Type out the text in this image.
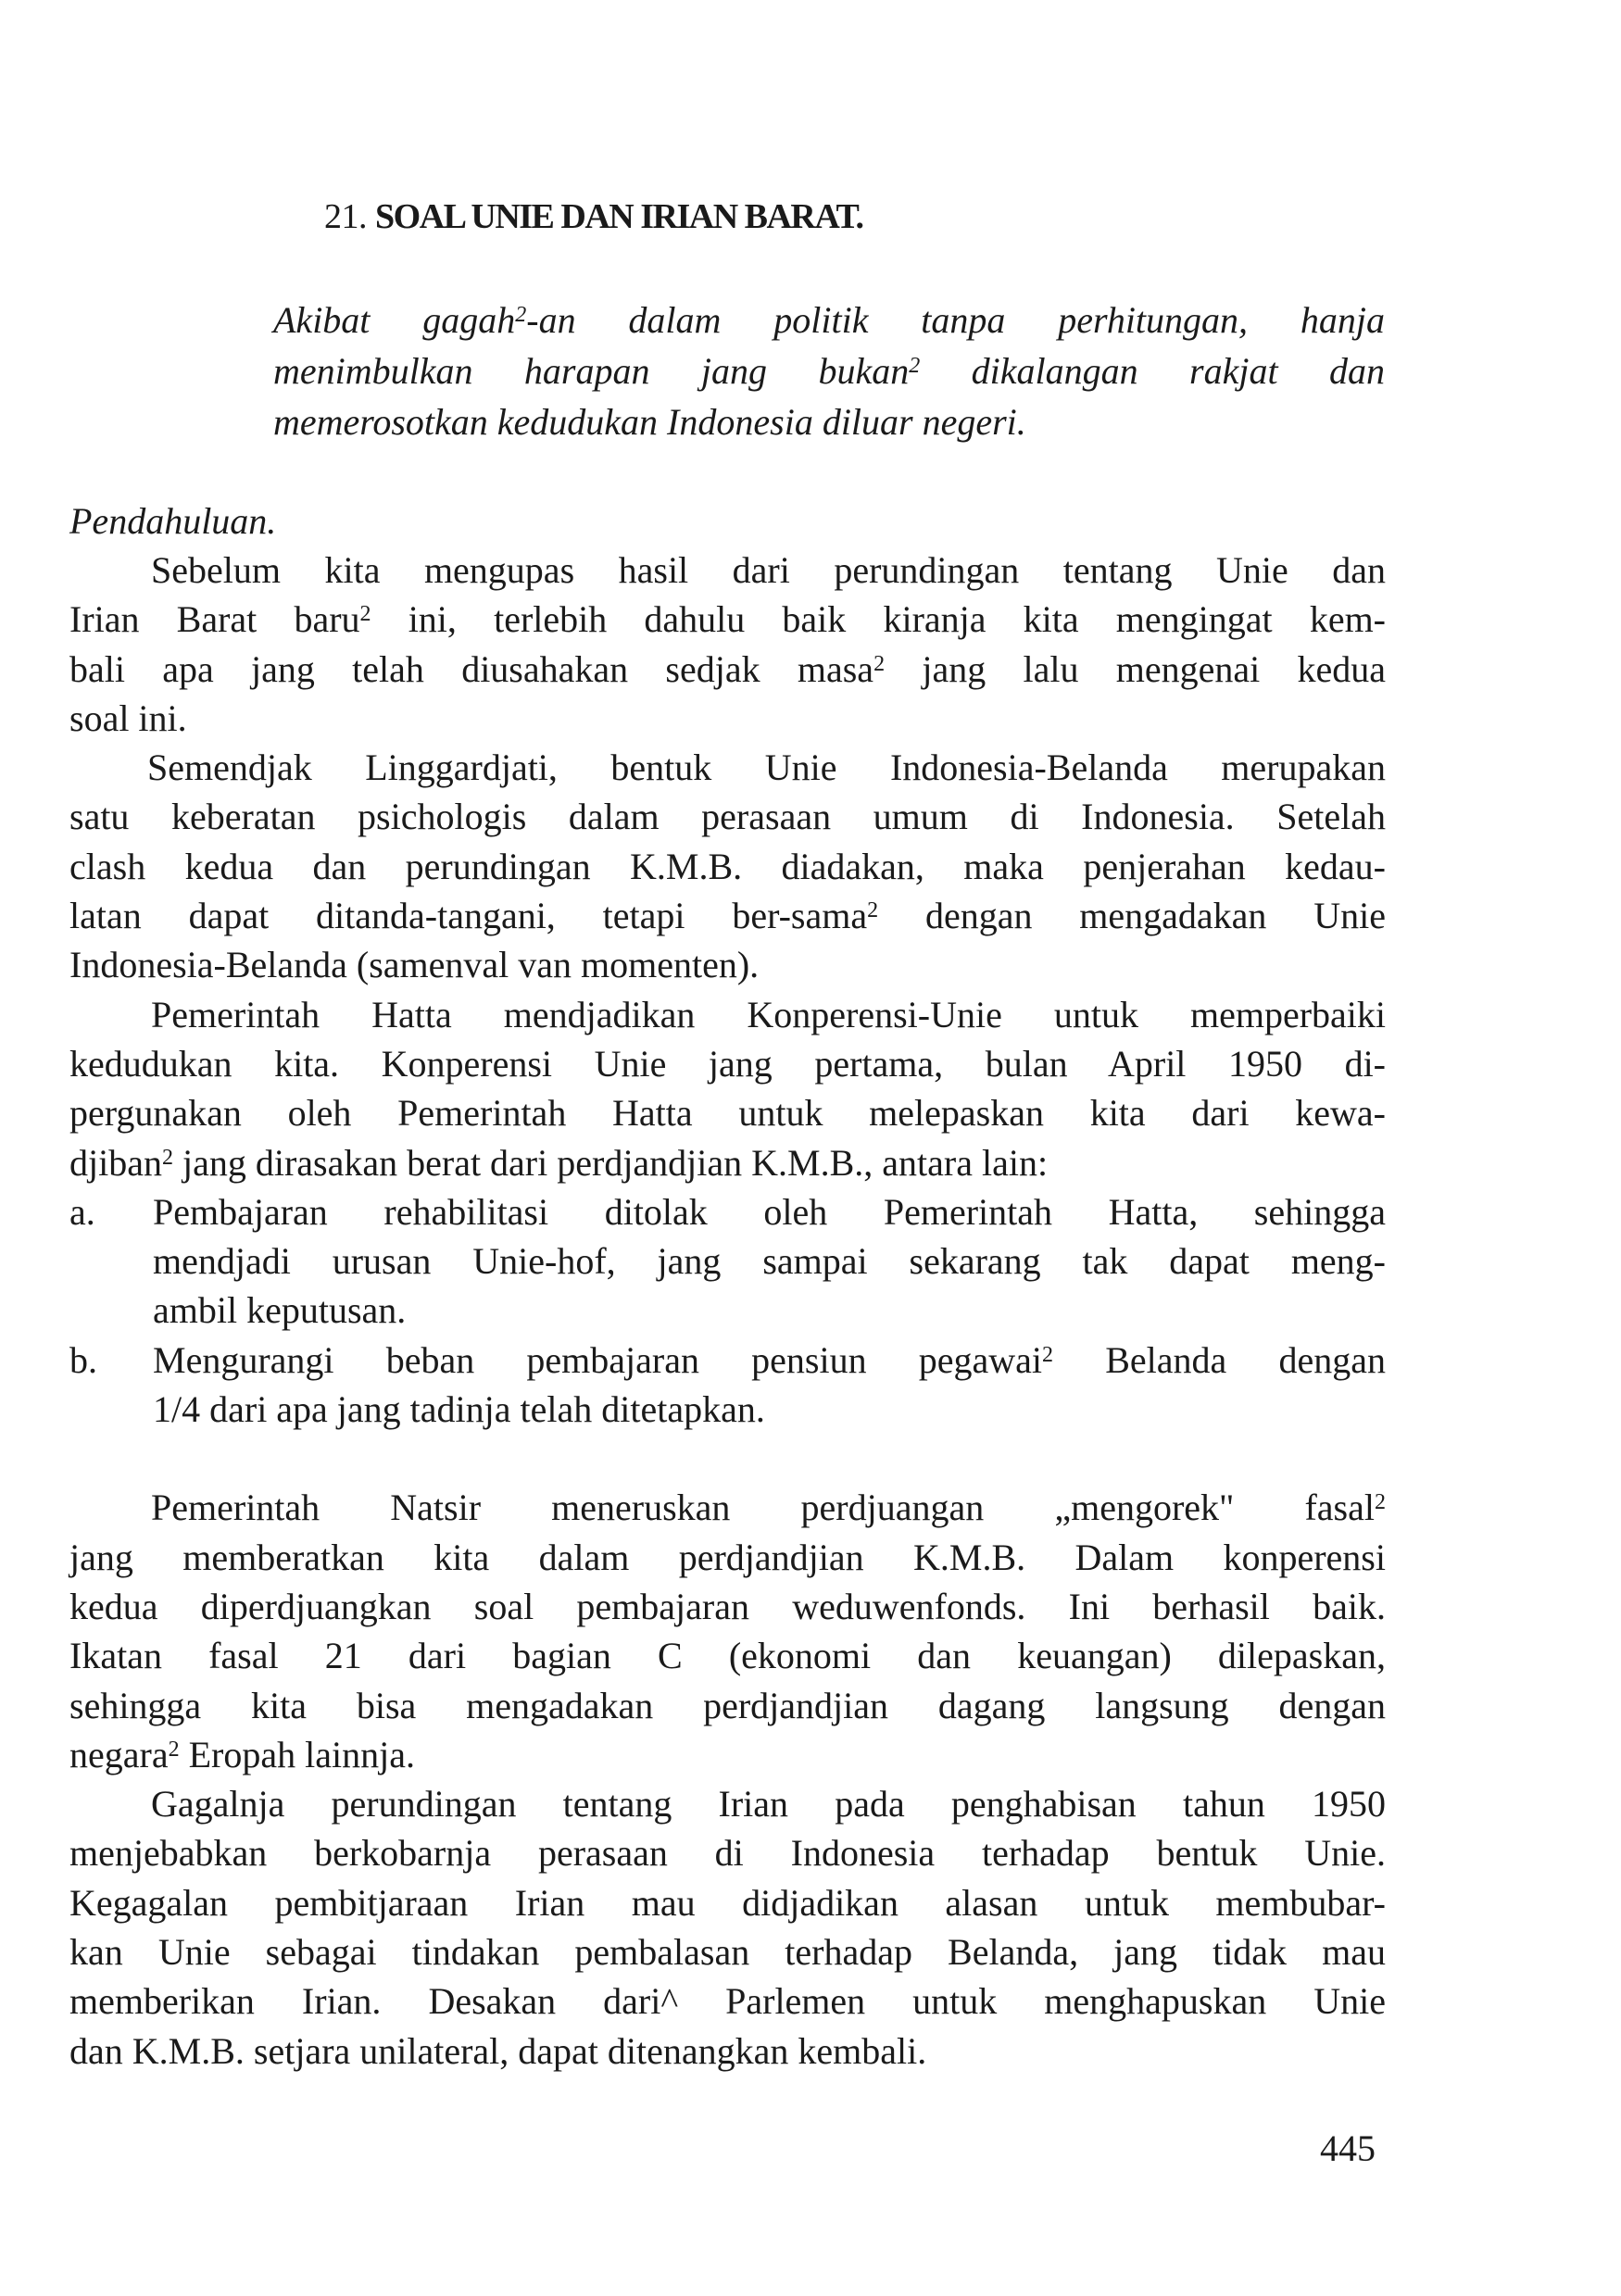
21. SOAL UNIE DAN IRIAN BARAT.
Akibat gagah$^2$-an dalam politik tanpa perhitungan, hanja
menimbulkan harapan jang bukan$^2$ dikalangan rakjat dan
memerosotkan kedudukan Indonesia diluar negeri.

Pendahuluan.

Sebelum kita mengupas hasil dari perundingan tentang Unie dan
Irian Barat baru$^2$ ini, terlebih dahulu baik kiranja kita mengingat kem-
bali apa jang telah diusahakan sedjak masa$^2$ jang lalu mengenai kedua
soal ini.

Semendjak Linggardjati, bentuk Unie Indonesia-Belanda merupakan
satu keberatan psichologis dalam perasaan umum di Indonesia. Setelah
clash kedua dan perundingan K.M.B. diadakan, maka penjerahan kedau-
latan dapat ditanda-tangani, tetapi ber-sama$^2$ dengan mengadakan Unie
Indonesia-Belanda (samenval van momenten).

Pemerintah Hatta mendjadikan Konperensi-Unie untuk memperbaiki
kedudukan kita. Konperensi Unie jang pertama, bulan April 1950 di-
pergunakan oleh Pemerintah Hatta untuk melepaskan kita dari kewa-
djiban$^2$ jang dirasakan berat dari perdjandjian K.M.B., antara lain:

a. Pembajaran rehabilitasi ditolak oleh Pemerintah Hatta, sehingga
mendjadi urusan Unie-hof, jang sampai sekarang tak dapat meng-
ambil keputusan.
b. Mengurangi beban pembajaran pensiun pegawai$^2$ Belanda dengan
1/4 dari apa jang tadinja telah ditetapkan.

Pemerintah Natsir meneruskan perdjuangan „mengorek" fasal$^2$
jang memberatkan kita dalam perdjandjian K.M.B. Dalam konperensi
kedua diperdjuangkan soal pembajaran weduwenfonds. Ini berhasil baik.
Ikatan fasal 21 dari bagian C (ekonomi dan keuangan) dilepaskan,
sehingga kita bisa mengadakan perdjandjian dagang langsung dengan
negara$^2$ Eropah lainnja.

Gagalnja perundingan tentang Irian pada penghabisan tahun 1950
menjebabkan berkobarnja perasaan di Indonesia terhadap bentuk Unie.
Kegagalan pembitjaraan Irian mau didjadikan alasan untuk membubar-
kan Unie sebagai tindakan pembalasan terhadap Belanda, jang tidak mau
memberikan Irian. Desakan dari^ Parlemen untuk menghapuskan Unie
dan K.M.B. setjara unilateral, dapat ditenangkan kembali.

445
